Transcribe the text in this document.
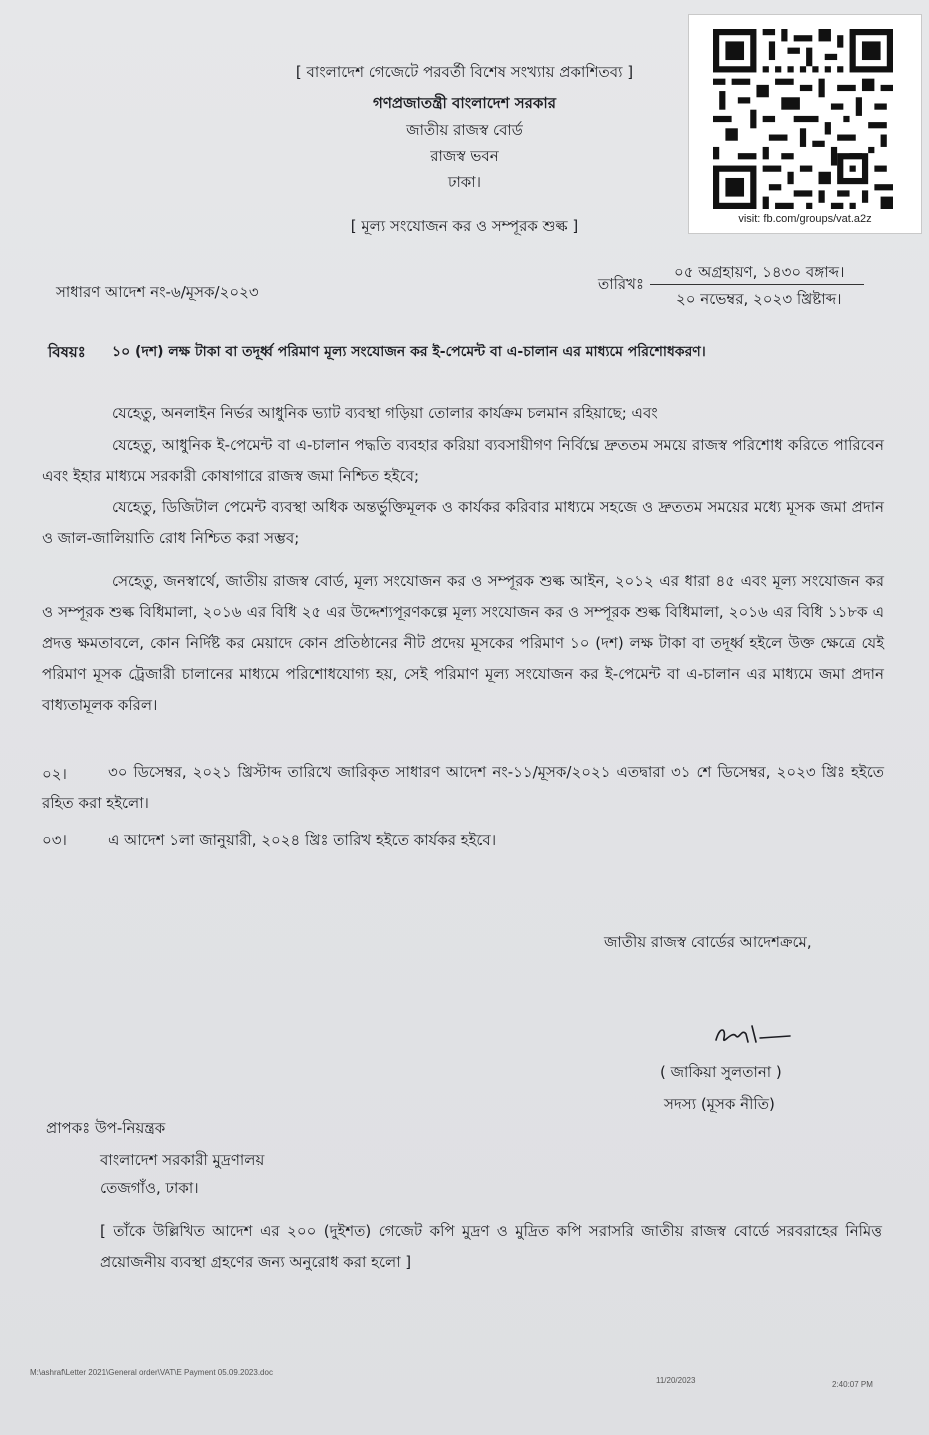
visit: fb.com/groups/vat.a2z
[ বাংলাদেশ গেজেটে পরবর্তী বিশেষ সংখ্যায় প্রকাশিতব্য ]
গণপ্রজাতন্ত্রী বাংলাদেশ সরকার
জাতীয় রাজস্ব বোর্ড
রাজস্ব ভবন
ঢাকা।
[ মূল্য সংযোজন কর ও সম্পূরক শুল্ক ]
সাধারণ আদেশ নং-৬/মূসক/২০২৩	তারিখঃ
০৫ অগ্রহায়ণ, ১৪৩০ বঙ্গাব্দ।
২০ নভেম্বর, ২০২৩ খ্রিষ্টাব্দ।
বিষয়ঃ ১০ (দশ) লক্ষ টাকা বা তদূর্ধ্ব পরিমাণ মূল্য সংযোজন কর ই-পেমেন্ট বা এ-চালান এর মাধ্যমে পরিশোধকরণ।
যেহেতু, অনলাইন নির্ভর আধুনিক ভ্যাট ব্যবস্থা গড়িয়া তোলার কার্যক্রম চলমান রহিয়াছে; এবং
যেহেতু, আধুনিক ই-পেমেন্ট বা এ-চালান পদ্ধতি ব্যবহার করিয়া ব্যবসায়ীগণ নির্বিঘ্নে দ্রুততম সময়ে রাজস্ব পরিশোধ করিতে পারিবেন এবং ইহার মাধ্যমে সরকারী কোষাগারে রাজস্ব জমা নিশ্চিত হইবে;
যেহেতু, ডিজিটাল পেমেন্ট ব্যবস্থা অধিক অন্তর্ভুক্তিমূলক ও কার্যকর করিবার মাধ্যমে সহজে ও দ্রুততম সময়ের মধ্যে মূসক জমা প্রদান ও জাল-জালিয়াতি রোধ নিশ্চিত করা সম্ভব;
সেহেতু, জনস্বার্থে, জাতীয় রাজস্ব বোর্ড, মূল্য সংযোজন কর ও সম্পূরক শুল্ক আইন, ২০১২ এর ধারা ৪৫ এবং মূল্য সংযোজন কর ও সম্পূরক শুল্ক বিধিমালা, ২০১৬ এর বিধি ২৫ এর উদ্দেশ্যপূরণকল্পে মূল্য সংযোজন কর ও সম্পূরক শুল্ক বিধিমালা, ২০১৬ এর বিধি ১১৮ক এ প্রদত্ত ক্ষমতাবলে, কোন নির্দিষ্ট কর মেয়াদে কোন প্রতিষ্ঠানের নীট প্রদেয় মূসকের পরিমাণ ১০ (দশ) লক্ষ টাকা বা তদূর্ধ্ব হইলে উক্ত ক্ষেত্রে যেই পরিমাণ মূসক ট্রেজারী চালানের মাধ্যমে পরিশোধযোগ্য হয়, সেই পরিমাণ মূল্য সংযোজন কর ই-পেমেন্ট বা এ-চালান এর মাধ্যমে জমা প্রদান বাধ্যতামূলক করিল।
০২।	৩০ ডিসেম্বর, ২০২১ খ্রিস্টাব্দ তারিখে জারিকৃত সাধারণ আদেশ নং-১১/মূসক/২০২১ এতদ্বারা ৩১ শে ডিসেম্বর, ২০২৩ খ্রিঃ হইতে রহিত করা হইলো।
০৩।	এ আদেশ ১লা জানুয়ারী, ২০২৪ খ্রিঃ তারিখ হইতে কার্যকর হইবে।
জাতীয় রাজস্ব বোর্ডের আদেশক্রমে,
( জাকিয়া সুলতানা )
সদস্য (মূসক নীতি)
প্রাপকঃ উপ-নিয়ন্ত্রক
বাংলাদেশ সরকারী মুদ্রণালয়
তেজগাঁও, ঢাকা।
[ তাঁকে উল্লিখিত আদেশ এর ২০০ (দুইশত) গেজেট কপি মুদ্রণ ও মুদ্রিত কপি সরাসরি জাতীয় রাজস্ব বোর্ডে সরবরাহের নিমিত্ত প্রয়োজনীয় ব্যবস্থা গ্রহণের জন্য অনুরোধ করা হলো ]
M:\ashraf\Letter 2021\General order\VAT\E Payment 05.09.2023.doc
11/20/2023	2:40:07 PM
